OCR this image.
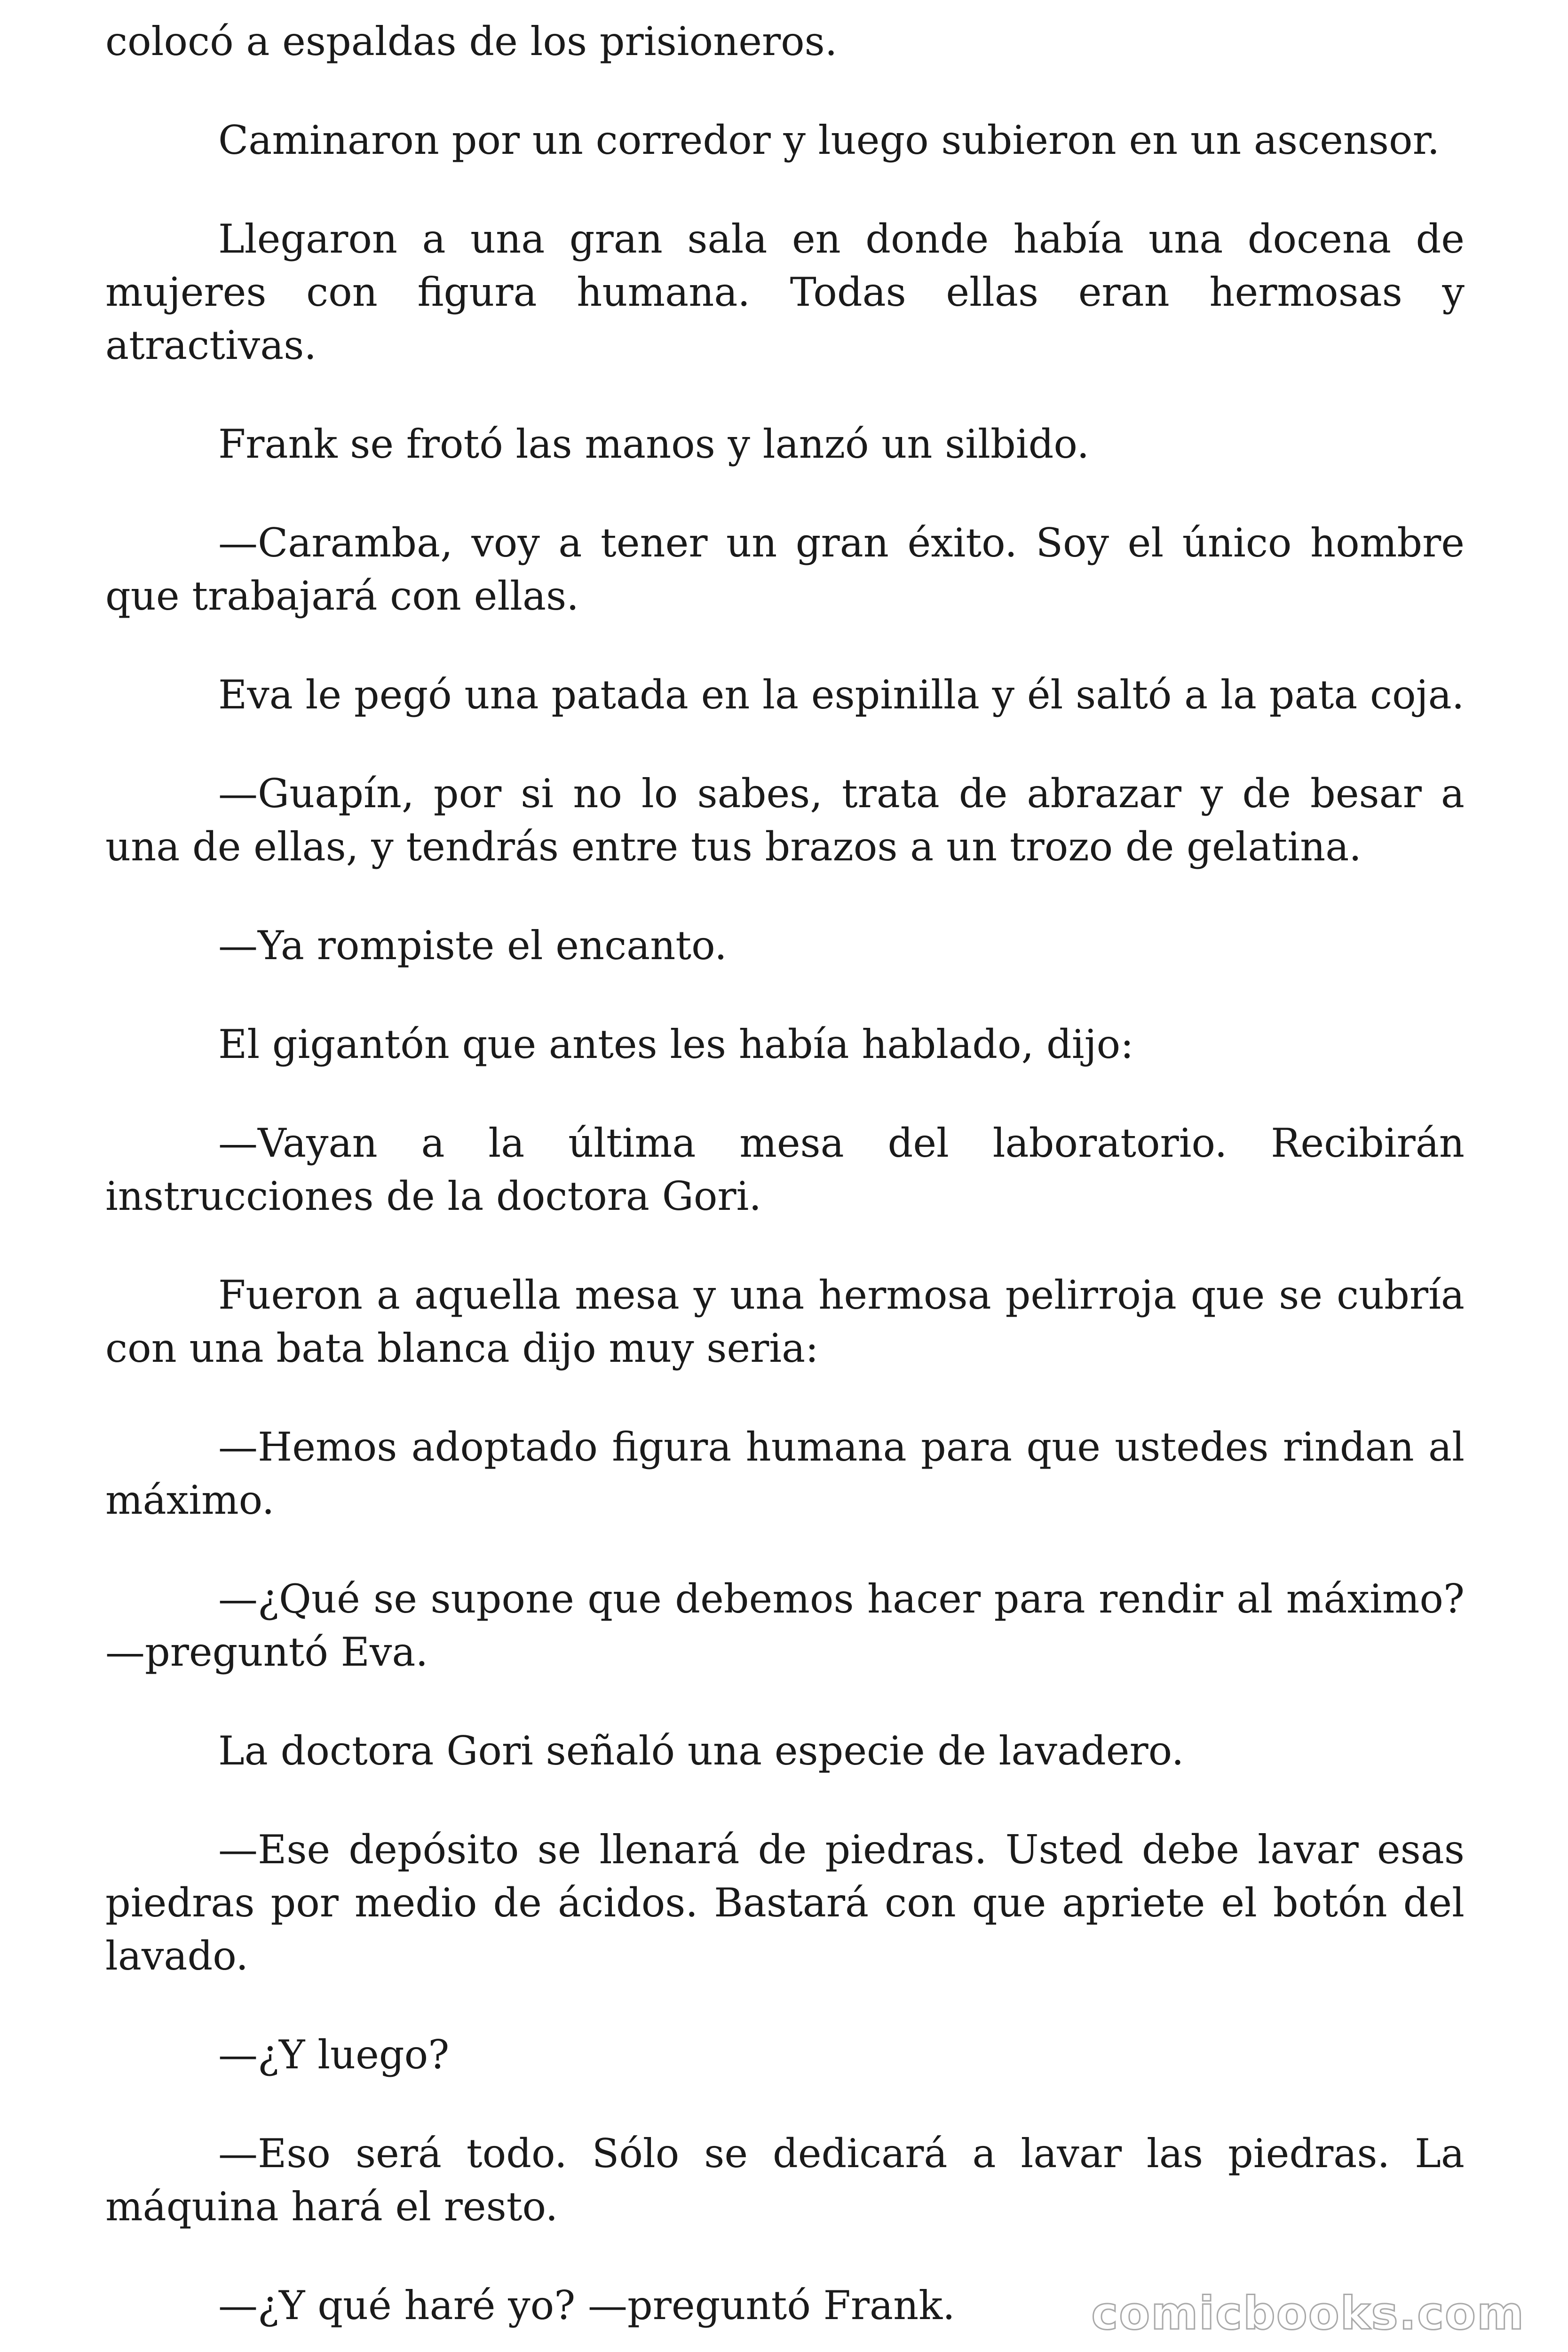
colocó a espaldas de los prisioneros.

Caminaron por un corredor y luego subieron en un ascensor.

Llegaron a una gran sala en donde había una docena de mujeres con figura humana. Todas ellas eran hermosas y atractivas.

Frank se frotó las manos y lanzó un silbido.

—Caramba, voy a tener un gran éxito. Soy el único hombre que trabajará con ellas.

Eva le pegó una patada en la espinilla y él saltó a la pata coja.

—Guapín, por si no lo sabes, trata de abrazar y de besar a una de ellas, y tendrás entre tus brazos a un trozo de gelatina.

—Ya rompiste el encanto.

El gigantón que antes les había hablado, dijo:

—Vayan a la última mesa del laboratorio. Recibirán instrucciones de la doctora Gori.

Fueron a aquella mesa y una hermosa pelirroja que se cubría con una bata blanca dijo muy seria:

—Hemos adoptado figura humana para que ustedes rindan al máximo.

—¿Qué se supone que debemos hacer para rendir al máximo? —preguntó Eva.

La doctora Gori señaló una especie de lavadero.

—Ese depósito se llenará de piedras. Usted debe lavar esas piedras por medio de ácidos. Bastará con que apriete el botón del lavado.

—¿Y luego?

—Eso será todo. Sólo se dedicará a lavar las piedras. La máquina hará el resto.

—¿Y qué haré yo? —preguntó Frank.	comicbooks.com
